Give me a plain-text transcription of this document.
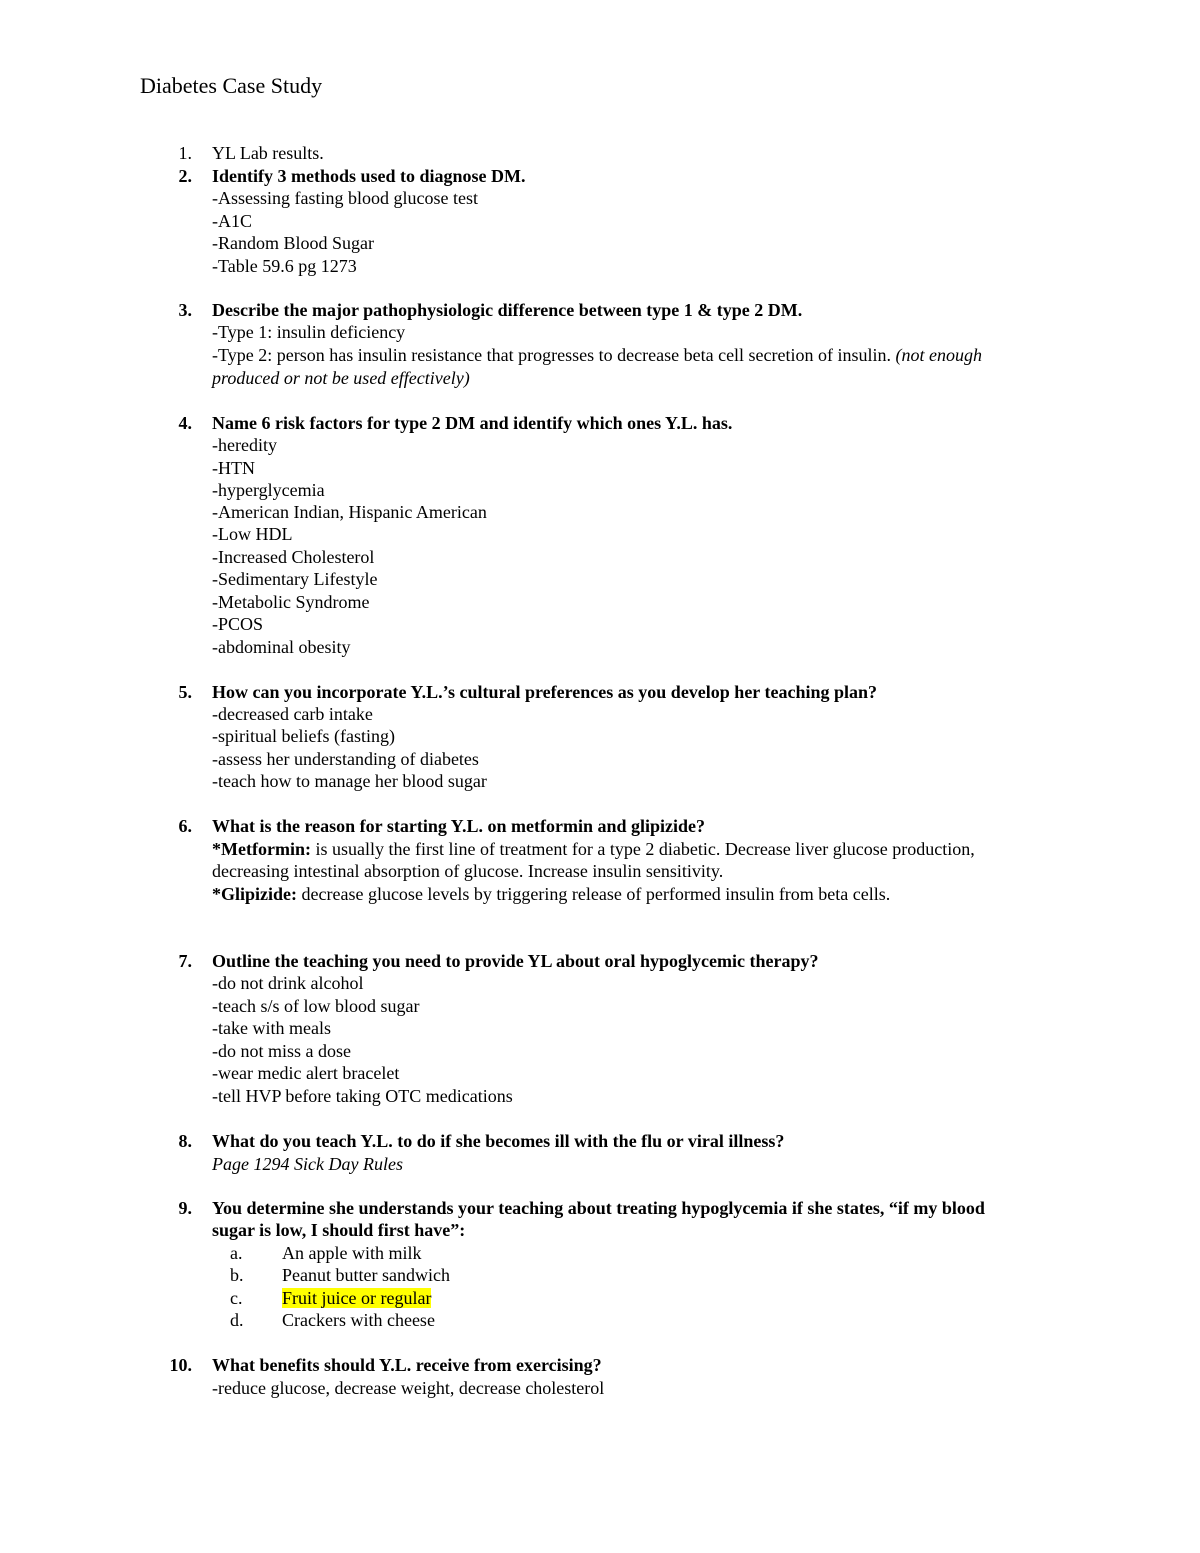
Diabetes Case Study
1. YL Lab results.
2. Identify 3 methods used to diagnose DM.
-Assessing fasting blood glucose test
-A1C
-Random Blood Sugar
-Table 59.6 pg 1273
3. Describe the major pathophysiologic difference between type 1 & type 2 DM.
-Type 1: insulin deficiency
-Type 2: person has insulin resistance that progresses to decrease beta cell secretion of insulin. (not enough
produced or not be used effectively)
4. Name 6 risk factors for type 2 DM and identify which ones Y.L. has.
-heredity
-HTN
-hyperglycemia
-American Indian, Hispanic American
-Low HDL
-Increased Cholesterol
-Sedimentary Lifestyle
-Metabolic Syndrome
-PCOS
-abdominal obesity
5. How can you incorporate Y.L.’s cultural preferences as you develop her teaching plan?
-decreased carb intake
-spiritual beliefs (fasting)
-assess her understanding of diabetes
-teach how to manage her blood sugar
6. What is the reason for starting Y.L. on metformin and glipizide?
*Metformin: is usually the first line of treatment for a type 2 diabetic. Decrease liver glucose production,
decreasing intestinal absorption of glucose. Increase insulin sensitivity.
*Glipizide: decrease glucose levels by triggering release of performed insulin from beta cells.
7. Outline the teaching you need to provide YL about oral hypoglycemic therapy?
-do not drink alcohol
-teach s/s of low blood sugar
-take with meals
-do not miss a dose
-wear medic alert bracelet
-tell HVP before taking OTC medications
8. What do you teach Y.L. to do if she becomes ill with the flu or viral illness?
Page 1294 Sick Day Rules
9. You determine she understands your teaching about treating hypoglycemia if she states, “if my blood
sugar is low, I should first have”:
a.	An apple with milk
b.	Peanut butter sandwich
c.	Fruit juice or regular
d.	Crackers with cheese
10. What benefits should Y.L. receive from exercising?
-reduce glucose, decrease weight, decrease cholesterol
